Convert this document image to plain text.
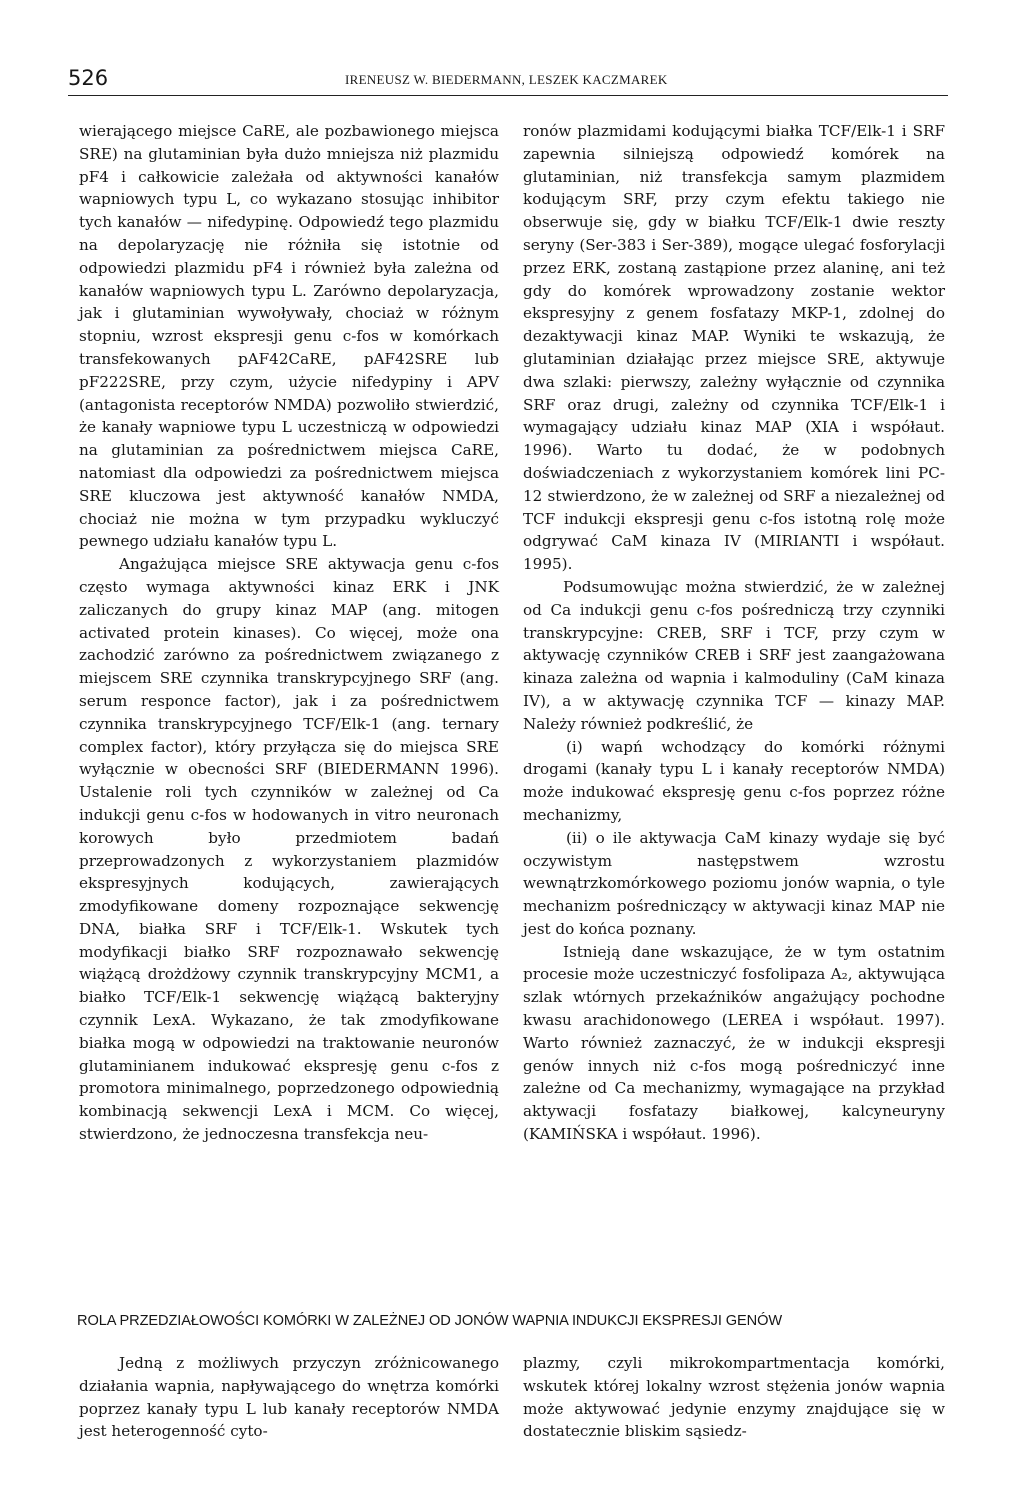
526	IRENEUSZ W. BIEDERMANN, LESZEK KACZMAREK

wierającego miejsce CaRE, ale pozbawionego miejsca SRE) na glutaminian była dużo mniejsza niż plazmidu pF4 i całkowicie zależała od aktywności kanałów wapniowych typu L, co wykazano stosując inhibitor tych kanałów — nifedypinę. Odpowiedź tego plazmidu na depolaryzację nie różniła się istotnie od odpowiedzi plazmidu pF4 i również była zależna od kanałów wapniowych typu L. Zarówno depolaryzacja, jak i glutaminian wywoływały, chociaż w różnym stopniu, wzrost ekspresji genu c-fos w komórkach transfekowanych pAF42CaRE, pAF42SRE lub pF222SRE, przy czym, użycie nifedypiny i APV (antagonista receptorów NMDA) pozwoliło stwierdzić, że kanały wapniowe typu L uczestniczą w odpowiedzi na glutaminian za pośrednictwem miejsca CaRE, natomiast dla odpowiedzi za pośrednictwem miejsca SRE kluczowa jest aktywność kanałów NMDA, chociaż nie można w tym przypadku wykluczyć pewnego udziału kanałów typu L.

Angażująca miejsce SRE aktywacja genu c-fos często wymaga aktywności kinaz ERK i JNK zaliczanych do grupy kinaz MAP (ang. mitogen activated protein kinases). Co więcej, może ona zachodzić zarówno za pośrednictwem związanego z miejscem SRE czynnika transkrypcyjnego SRF (ang. serum responce factor), jak i za pośrednictwem czynnika transkrypcyjnego TCF/Elk-1 (ang. ternary complex factor), który przyłącza się do miejsca SRE wyłącznie w obecności SRF (BIEDERMANN 1996). Ustalenie roli tych czynników w zależnej od Ca indukcji genu c-fos w hodowanych in vitro neuronach korowych było przedmiotem badań przeprowadzonych z wykorzystaniem plazmidów ekspresyjnych kodujących, zawierających zmodyfikowane domeny rozpoznające sekwencję DNA, białka SRF i TCF/Elk-1. Wskutek tych modyfikacji białko SRF rozpoznawało sekwencję wiążącą drożdżowy czynnik transkrypcyjny MCM1, a białko TCF/Elk-1 sekwencję wiążącą bakteryjny czynnik LexA. Wykazano, że tak zmodyfikowane białka mogą w odpowiedzi na traktowanie neuronów glutaminianem indukować ekspresję genu c-fos z promotora minimalnego, poprzedzonego odpowiednią kombinacją sekwencji LexA i MCM. Co więcej, stwierdzono, że jednoczesna transfekcja neu-

ronów plazmidami kodującymi białka TCF/Elk-1 i SRF zapewnia silniejszą odpowiedź komórek na glutaminian, niż transfekcja samym plazmidem kodującym SRF, przy czym efektu takiego nie obserwuje się, gdy w białku TCF/Elk-1 dwie reszty seryny (Ser-383 i Ser-389), mogące ulegać fosforylacji przez ERK, zostaną zastąpione przez alaninę, ani też gdy do komórek wprowadzony zostanie wektor ekspresyjny z genem fosfatazy MKP-1, zdolnej do dezaktywacji kinaz MAP. Wyniki te wskazują, że glutaminian działając przez miejsce SRE, aktywuje dwa szlaki: pierwszy, zależny wyłącznie od czynnika SRF oraz drugi, zależny od czynnika TCF/Elk-1 i wymagający udziału kinaz MAP (XIA i współaut. 1996). Warto tu dodać, że w podobnych doświadczeniach z wykorzystaniem komórek lini PC-12 stwierdzono, że w zależnej od SRF a niezależnej od TCF indukcji ekspresji genu c-fos istotną rolę może odgrywać CaM kinaza IV (MIRIANTI i współaut. 1995).

Podsumowując można stwierdzić, że w zależnej od Ca indukcji genu c-fos pośredniczą trzy czynniki transkrypcyjne: CREB, SRF i TCF, przy czym w aktywację czynników CREB i SRF jest zaangażowana kinaza zależna od wapnia i kalmoduliny (CaM kinaza IV), a w aktywację czynnika TCF — kinazy MAP. Należy również podkreślić, że

(i) wapń wchodzący do komórki różnymi drogami (kanały typu L i kanały receptorów NMDA) może indukować ekspresję genu c-fos poprzez różne mechanizmy,

(ii) o ile aktywacja CaM kinazy wydaje się być oczywistym następstwem wzrostu wewnątrzkomórkowego poziomu jonów wapnia, o tyle mechanizm pośredniczący w aktywacji kinaz MAP nie jest do końca poznany.

Istnieją dane wskazujące, że w tym ostatnim procesie może uczestniczyć fosfolipaza A₂, aktywująca szlak wtórnych przekaźników angażujący pochodne kwasu arachidonowego (LEREA i współaut. 1997). Warto również zaznaczyć, że w indukcji ekspresji genów innych niż c-fos mogą pośredniczyć inne zależne od Ca mechanizmy, wymagające na przykład aktywacji fosfatazy białkowej, kalcyneuryny (KAMIŃSKA i współaut. 1996).

ROLA PRZEDZIAŁOWOŚCI KOMÓRKI W ZALEŻNEJ OD JONÓW WAPNIA INDUKCJI EKSPRESJI GENÓW

Jedną z możliwych przyczyn zróżnicowanego działania wapnia, napływającego do wnętrza komórki poprzez kanały typu L lub kanały receptorów NMDA jest heterogenność cyto-

plazmy, czyli mikrokompartmentacja komórki, wskutek której lokalny wzrost stężenia jonów wapnia może aktywować jedynie enzymy znajdujące się w dostatecznie bliskim sąsiedz-
